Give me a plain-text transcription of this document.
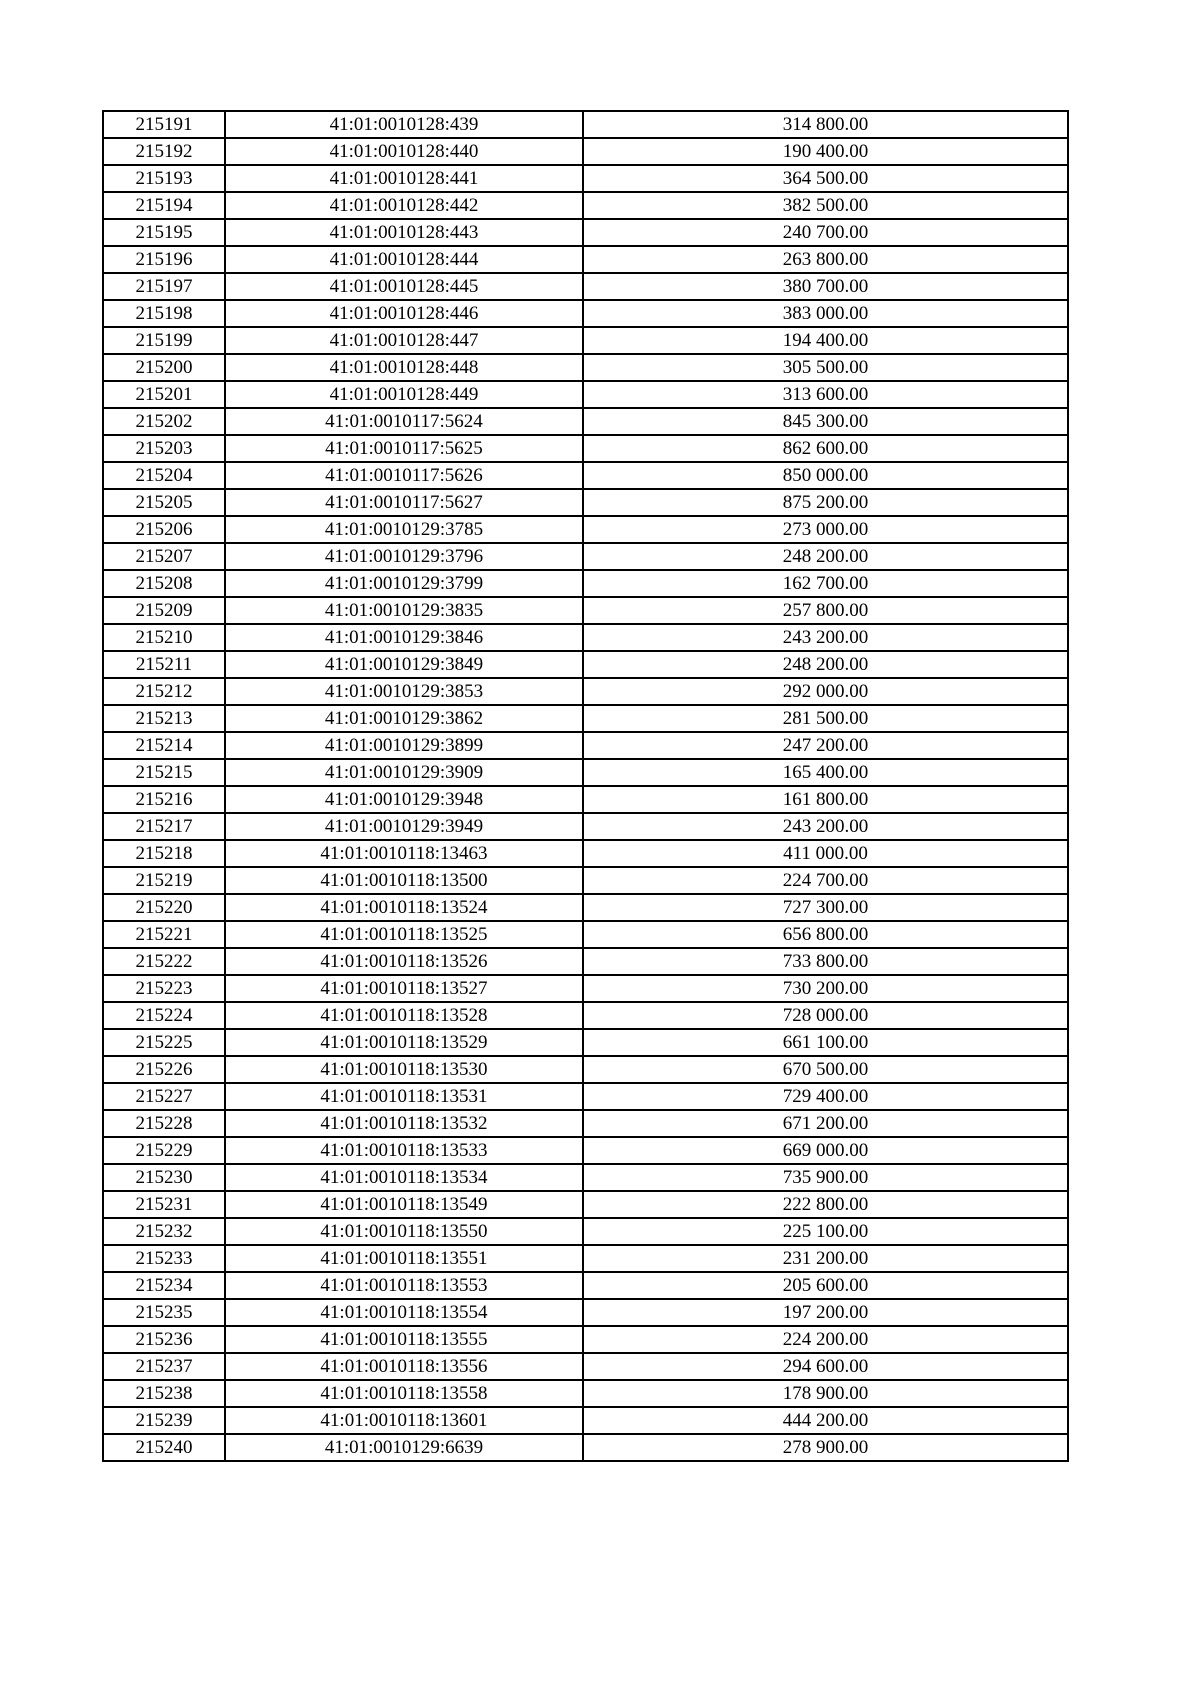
215191	41:01:0010128:439	314 800.00
215192	41:01:0010128:440	190 400.00
215193	41:01:0010128:441	364 500.00
215194	41:01:0010128:442	382 500.00
215195	41:01:0010128:443	240 700.00
215196	41:01:0010128:444	263 800.00
215197	41:01:0010128:445	380 700.00
215198	41:01:0010128:446	383 000.00
215199	41:01:0010128:447	194 400.00
215200	41:01:0010128:448	305 500.00
215201	41:01:0010128:449	313 600.00
215202	41:01:0010117:5624	845 300.00
215203	41:01:0010117:5625	862 600.00
215204	41:01:0010117:5626	850 000.00
215205	41:01:0010117:5627	875 200.00
215206	41:01:0010129:3785	273 000.00
215207	41:01:0010129:3796	248 200.00
215208	41:01:0010129:3799	162 700.00
215209	41:01:0010129:3835	257 800.00
215210	41:01:0010129:3846	243 200.00
215211	41:01:0010129:3849	248 200.00
215212	41:01:0010129:3853	292 000.00
215213	41:01:0010129:3862	281 500.00
215214	41:01:0010129:3899	247 200.00
215215	41:01:0010129:3909	165 400.00
215216	41:01:0010129:3948	161 800.00
215217	41:01:0010129:3949	243 200.00
215218	41:01:0010118:13463	411 000.00
215219	41:01:0010118:13500	224 700.00
215220	41:01:0010118:13524	727 300.00
215221	41:01:0010118:13525	656 800.00
215222	41:01:0010118:13526	733 800.00
215223	41:01:0010118:13527	730 200.00
215224	41:01:0010118:13528	728 000.00
215225	41:01:0010118:13529	661 100.00
215226	41:01:0010118:13530	670 500.00
215227	41:01:0010118:13531	729 400.00
215228	41:01:0010118:13532	671 200.00
215229	41:01:0010118:13533	669 000.00
215230	41:01:0010118:13534	735 900.00
215231	41:01:0010118:13549	222 800.00
215232	41:01:0010118:13550	225 100.00
215233	41:01:0010118:13551	231 200.00
215234	41:01:0010118:13553	205 600.00
215235	41:01:0010118:13554	197 200.00
215236	41:01:0010118:13555	224 200.00
215237	41:01:0010118:13556	294 600.00
215238	41:01:0010118:13558	178 900.00
215239	41:01:0010118:13601	444 200.00
215240	41:01:0010129:6639	278 900.00
